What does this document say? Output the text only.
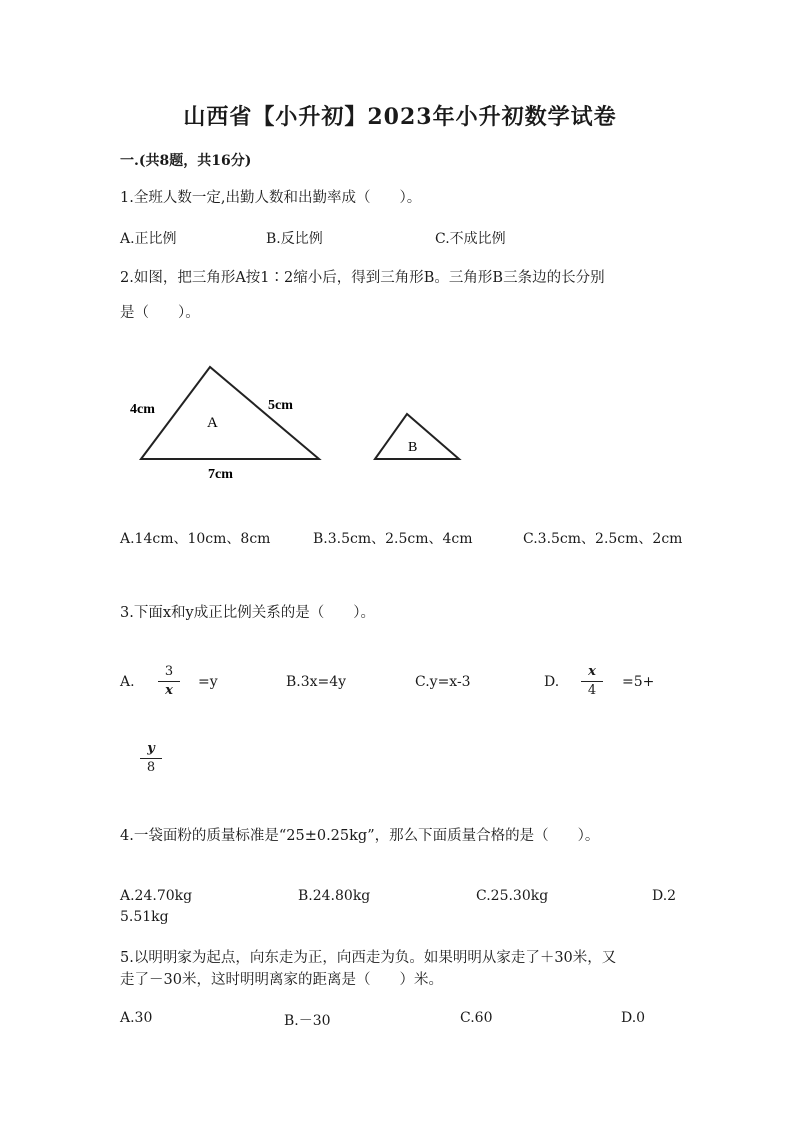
山西省【小升初】2023年小升初数学试卷
一.(共8题，共16分)
1.全班人数一定,出勤人数和出勤率成（　　）。
A.正比例	B.反比例	C.不成比例
2.如图，把三角形A按1∶2缩小后，得到三角形B。三角形B三条边的长分别
是（　　）。
A
4cm	5cm
7cm
B
A.14cm、10cm、8cm	B.3.5cm、2.5cm、4cm	C.3.5cm、2.5cm、2cm
3.下面x和y成正比例关系的是（　　）。
A. $\frac{3}{x} =y$	B.3x=4y	C.y=x-3	D. $\frac{x}{4} =5+$
$\frac{y}{8}$
4.一袋面粉的质量标准是“25±0.25kg”，那么下面质量合格的是（　　）。
A.24.70kg	B.24.80kg	C.25.30kg	D.2
5.51kg
5.以明明家为起点，向东走为正，向西走为负。如果明明从家走了＋30米，又
走了－30米，这时明明离家的距离是（　　）米。
A.30	B.－30	C.60	D.0
